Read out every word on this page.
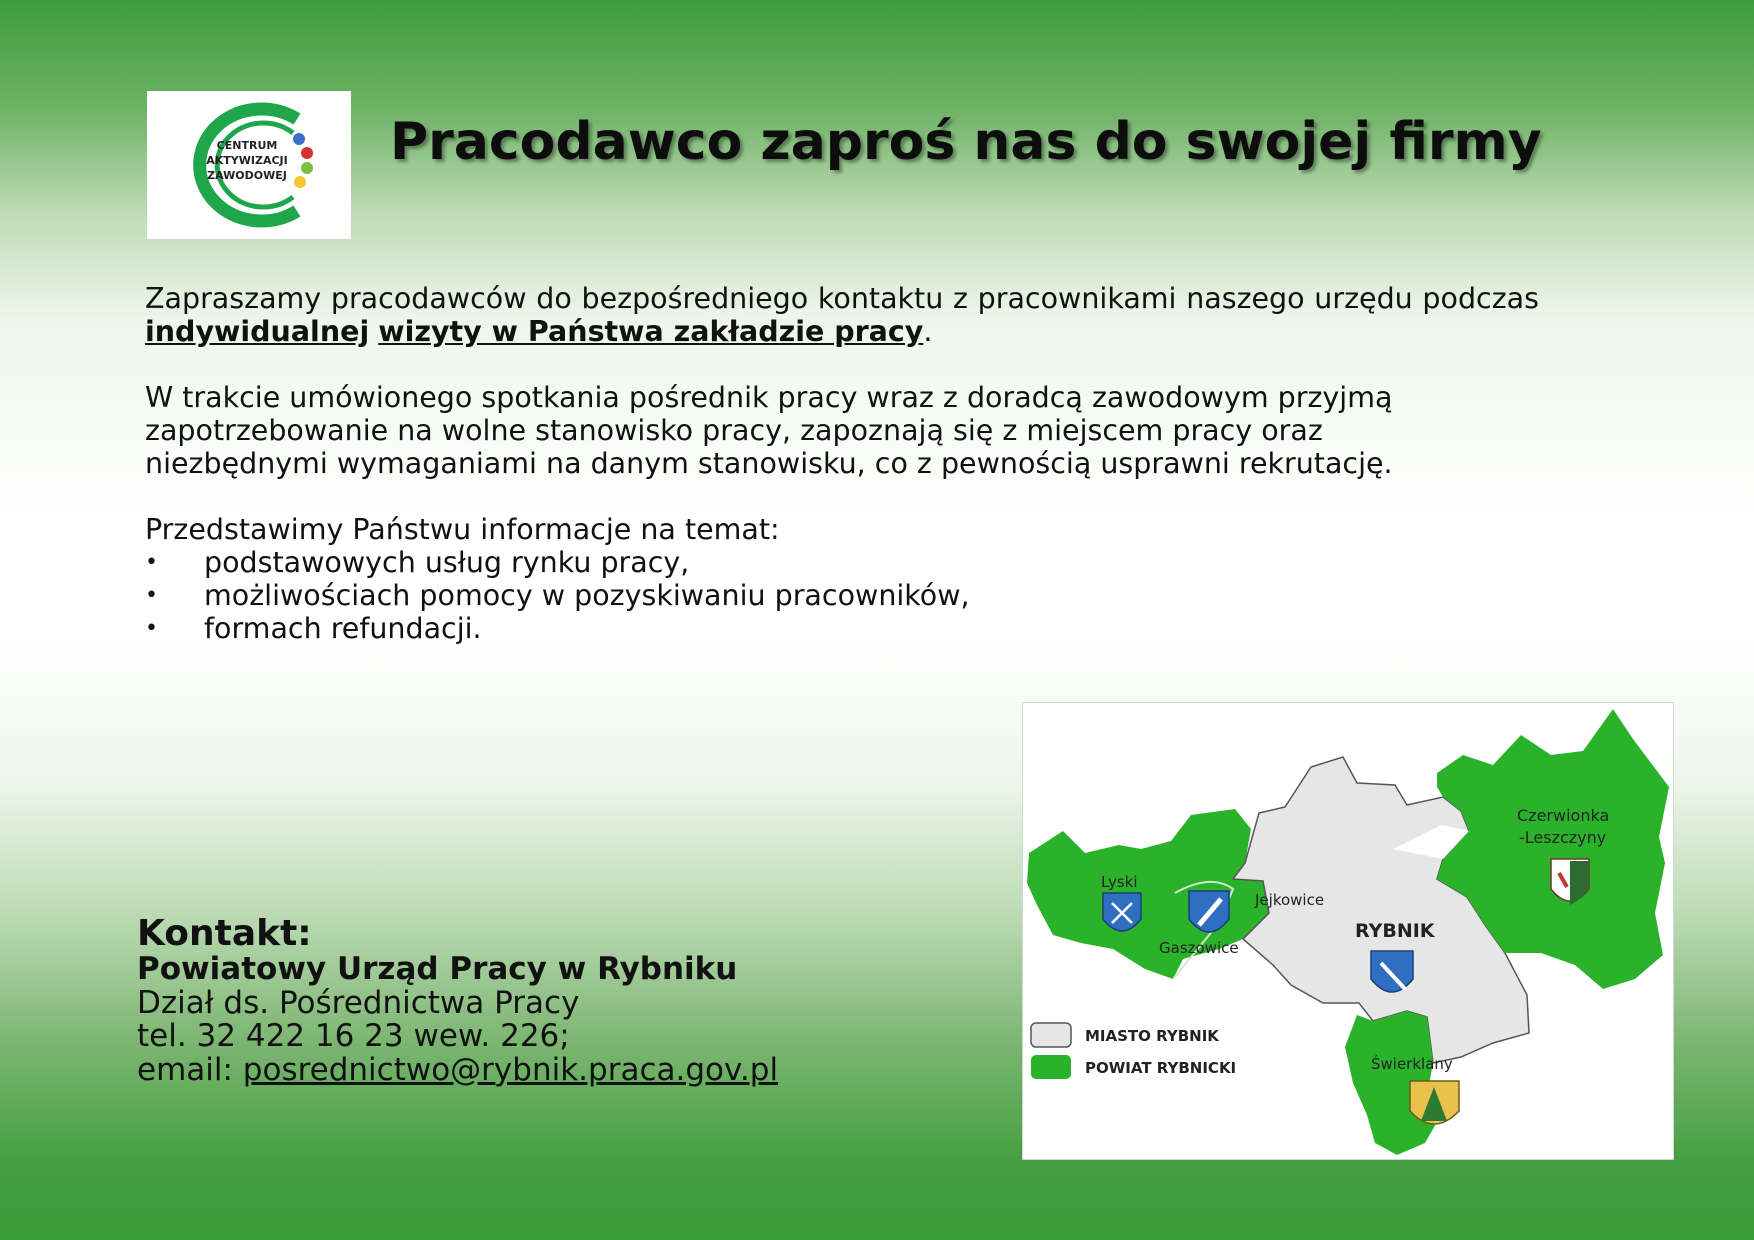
CENTRUM
AKTYWIZACJI
ZAWODOWEJ
Pracodawco zaproś nas do swojej firmy

Zapraszamy pracodawców do bezpośredniego kontaktu z pracownikami naszego urzędu podczas indywidualnej wizyty w Państwa zakładzie pracy.

W trakcie umówionego spotkania pośrednik pracy wraz z doradcą zawodowym przyjmą
zapotrzebowanie na wolne stanowisko pracy, zapoznają się z miejscem pracy oraz
niezbędnymi wymaganiami na danym stanowisku, co z pewnością usprawni rekrutację.

Przedstawimy Państwu informacje na temat:

• podstawowych usług rynku pracy,
• możliwościach pomocy w pozyskiwaniu pracowników,
• formach refundacji.
Kontakt:
Powiatowy Urząd Pracy w Rybniku
Dział ds. Pośrednictwa Pracy
tel. 32 422 16 23 wew. 226;
email: posrednictwo@rybnik.praca.gov.pl
Lyski
Gaszowice
Jejkowice
RYBNIK
Czerwionka
-Leszczyny
Świerklany
MIASTO RYBNIK
POWIAT RYBNICKI
